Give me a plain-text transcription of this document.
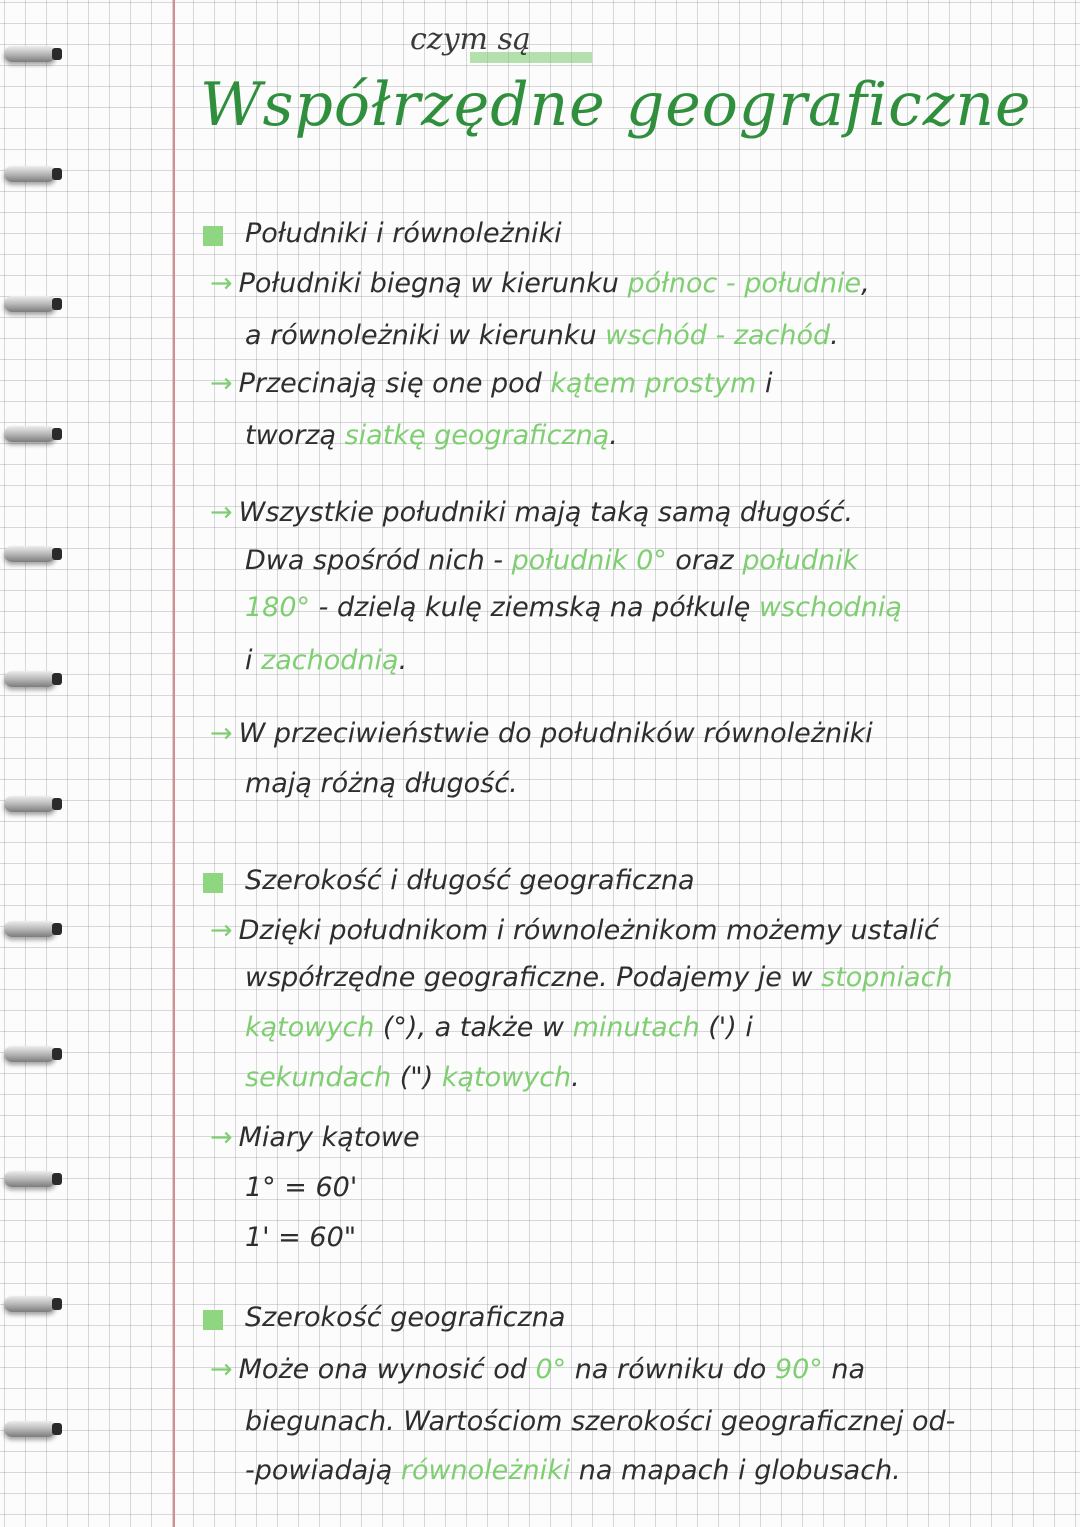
czym są
Współrzędne geograficzne
Południki i równoleżniki
→ Południki biegną w kierunku północ - południe,
a równoleżniki w kierunku wschód - zachód.
→ Przecinają się one pod kątem prostym i
tworzą siatkę geograficzną.
→ Wszystkie południki mają taką samą długość.
Dwa spośród nich - południk 0° oraz południk
180° - dzielą kulę ziemską na półkulę wschodnią
i zachodnią.
→ W przeciwieństwie do południków równoleżniki
mają różną długość.
Szerokość i długość geograficzna
→ Dzięki południkom i równoleżnikom możemy ustalić
współrzędne geograficzne. Podajemy je w stopniach
kątowych (°), a także w minutach (') i
sekundach (") kątowych.
→ Miary kątowe
1° = 60'
1' = 60"
Szerokość geograficzna
→ Może ona wynosić od 0° na równiku do 90° na
biegunach. Wartościom szerokości geograficznej od-
-powiadają równoleżniki na mapach i globusach.
